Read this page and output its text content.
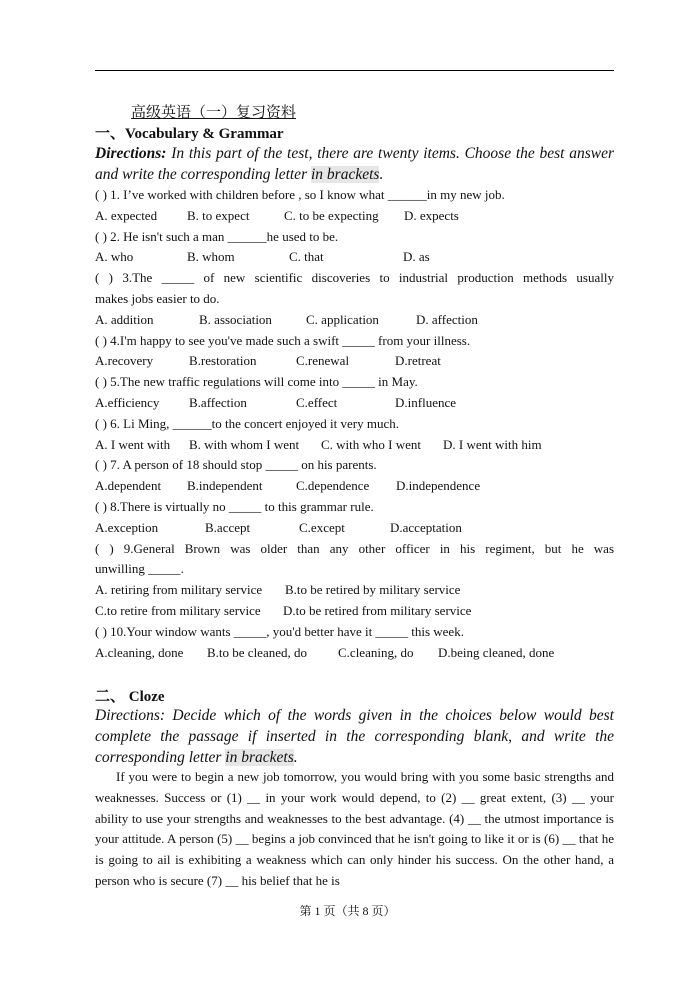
高级英语（一）复习资料
一、Vocabulary & Grammar
Directions: In this part of the test, there are twenty items. Choose the best answer and write the corresponding letter in brackets.
( ) 1. I’ve worked with children before , so I know what ______in my new job.
A. expected	B. to expect	C. to be expecting	D. expects
( ) 2. He isn't such a man ______he used to be.
A. who	B. whom	C. that	D. as
( ) 3.The _____ of new scientific discoveries to industrial production methods usually
makes jobs easier to do.
A. addition	B. association	C. application	D. affection
( ) 4.I'm happy to see you've made such a swift _____ from your illness.
A.recovery	B.restoration	C.renewal	D.retreat
( ) 5.The new traffic regulations will come into _____ in May.
A.efficiency	B.affection	C.effect	D.influence
( ) 6. Li Ming, ______to the concert enjoyed it very much.
A. I went with	B. with whom I went	C. with who I went	D. I went with him
( ) 7. A person of 18 should stop _____ on his parents.
A.dependent	B.independent	C.dependence	D.independence
( ) 8.There is virtually no _____ to this grammar rule.
A.exception	B.accept	C.except	D.acceptation
( ) 9.General Brown was older than any other officer in his regiment, but he was
unwilling _____.
A. retiring from military service	B.to be retired by military service
C.to retire from military service	D.to be retired from military service
( ) 10.Your window wants _____, you'd better have it _____ this week.
A.cleaning, done	B.to be cleaned, do	C.cleaning, do	D.being cleaned, done
二、 Cloze
Directions: Decide which of the words given in the choices below would best complete the passage if inserted in the corresponding blank, and write the corresponding letter in brackets.
If you were to begin a new job tomorrow, you would bring with you some basic strengths and weaknesses. Success or (1) __ in your work would depend, to (2) __ great extent, (3) __ your ability to use your strengths and weaknesses to the best advantage. (4) __ the utmost importance is your attitude. A person (5) __ begins a job convinced that he isn't going to like it or is (6) __ that he is going to ail is exhibiting a weakness which can only hinder his success. On the other hand, a person who is secure (7) __ his belief that he is
第 1 页（共 8 页）
